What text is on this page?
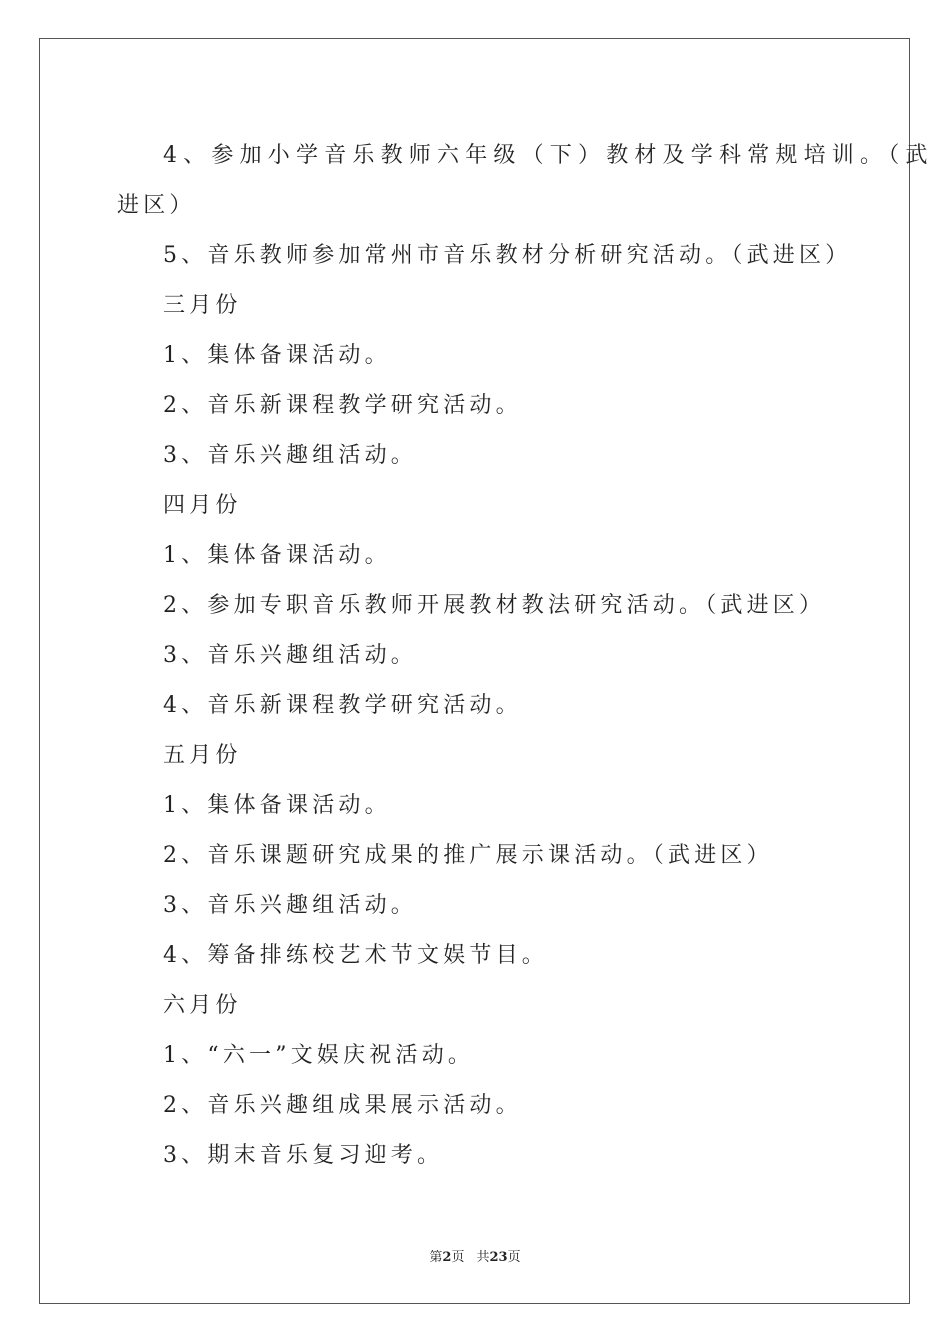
4、参加小学音乐教师六年级（下）教材及学科常规培训。（武
进区）
5、音乐教师参加常州市音乐教材分析研究活动。（武进区）
三月份
1、集体备课活动。
2、音乐新课程教学研究活动。
3、音乐兴趣组活动。
四月份
1、集体备课活动。
2、参加专职音乐教师开展教材教法研究活动。（武进区）
3、音乐兴趣组活动。
4、音乐新课程教学研究活动。
五月份
1、集体备课活动。
2、音乐课题研究成果的推广展示课活动。（武进区）
3、音乐兴趣组活动。
4、筹备排练校艺术节文娱节目。
六月份
1、“六一”文娱庆祝活动。
2、音乐兴趣组成果展示活动。
3、期末音乐复习迎考。
第2页 共23页
